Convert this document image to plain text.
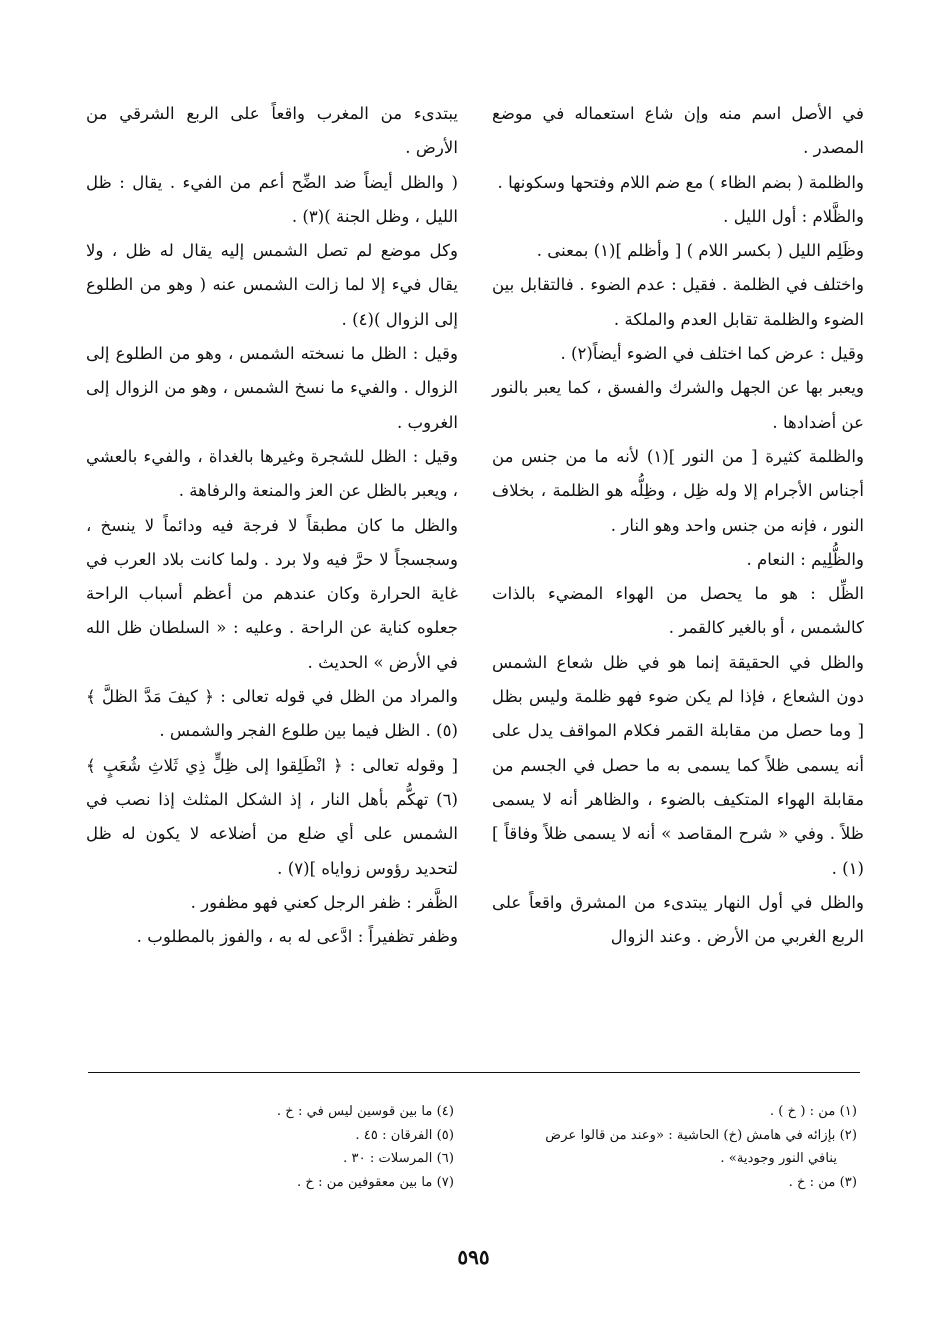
في الأصل اسم منه وإن شاع استعماله في موضع المصدر .

والظلمة ( بضم الظاء ) مع ضم اللام وفتحها وسكونها .

والظَّلام : أول الليل .

وظَلِم الليل ( بكسر اللام ) [ وأظلم ](١) بمعنى .

واختلف في الظلمة . فقيل : عدم الضوء . فالتقابل بين الضوء والظلمة تقابل العدم والملكة .

وقيل : عرض كما اختلف في الضوء أيضاً(٢) .

ويعبر بها عن الجهل والشرك والفسق ، كما يعبر بالنور عن أضدادها .

والظلمة كثيرة [ من النور ](١) لأنه ما من جنس من أجناس الأجرام إلا وله ظِل ، وظِلُّه هو الظلمة ، بخلاف النور ، فإنه من جنس واحد وهو النار .

والظُّلِيم : النعام .

الظِّل : هو ما يحصل من الهواء المضيء بالذات كالشمس ، أو بالغير كالقمر .

والظل في الحقيقة إنما هو في ظل شعاع الشمس دون الشعاع ، فإذا لم يكن ضوء فهو ظلمة وليس بظل [ وما حصل من مقابلة القمر فكلام المواقف يدل على أنه يسمى ظلاً كما يسمى به ما حصل في الجسم من مقابلة الهواء المتكيف بالضوء ، والظاهر أنه لا يسمى ظلاً . وفي « شرح المقاصد » أنه لا يسمى ظلاً وفاقاً ](١) .

والظل في أول النهار يبتدىء من المشرق واقعاً على الربع الغربي من الأرض . وعند الزوال

يبتدىء من المغرب واقعاً على الربع الشرقي من الأرض .

( والظل أيضاً ضد الضِّح أعم من الفيء . يقال : ظل الليل ، وظل الجنة )(٣) .

وكل موضع لم تصل الشمس إليه يقال له ظل ، ولا يقال فيء إلا لما زالت الشمس عنه ( وهو من الطلوع إلى الزوال )(٤) .

وقيل : الظل ما نسخته الشمس ، وهو من الطلوع إلى الزوال . والفيء ما نسخ الشمس ، وهو من الزوال إلى الغروب .

وقيل : الظل للشجرة وغيرها بالغداة ، والفيء بالعشي ، ويعبر بالظل عن العز والمنعة والرفاهة .

والظل ما كان مطبقاً لا فرجة فيه ودائماً لا ينسخ ، وسجسجاً لا حرَّ فيه ولا برد . ولما كانت بلاد العرب في غاية الحرارة وكان عندهم من أعظم أسباب الراحة جعلوه كناية عن الراحة . وعليه : « السلطان ظل الله في الأرض » الحديث .

والمراد من الظل في قوله تعالى : ﴿ كيفَ مَدَّ الظلَّ ﴾(٥) . الظل فيما بين طلوع الفجر والشمس .

[ وقوله تعالى : ﴿ انْطَلِقوا إلى ظِلٍّ ذِي ثَلاثِ شُعَبٍ ﴾(٦) تهكُّم بأهل النار ، إذ الشكل المثلث إذا نصب في الشمس على أي ضلع من أضلاعه لا يكون له ظل لتحديد رؤوس زواياه ](٧) .

الظَّفر : ظفر الرجل كعني فهو مظفور .

وظفر تظفيراً : ادَّعى له به ، والفوز بالمطلوب .

(١) من : ( خ ) .

(٢) بإزائه في هامش (خ) الحاشية : «وعند من قالوا عرض

ينافي النور وجودية» .

(٣) من : خ .

(٤) ما بين قوسين ليس في : خ .

(٥) الفرقان : ٤٥ .

(٦) المرسلات : ٣٠ .

(٧) ما بين معقوفين من : خ .

٥٩٥
